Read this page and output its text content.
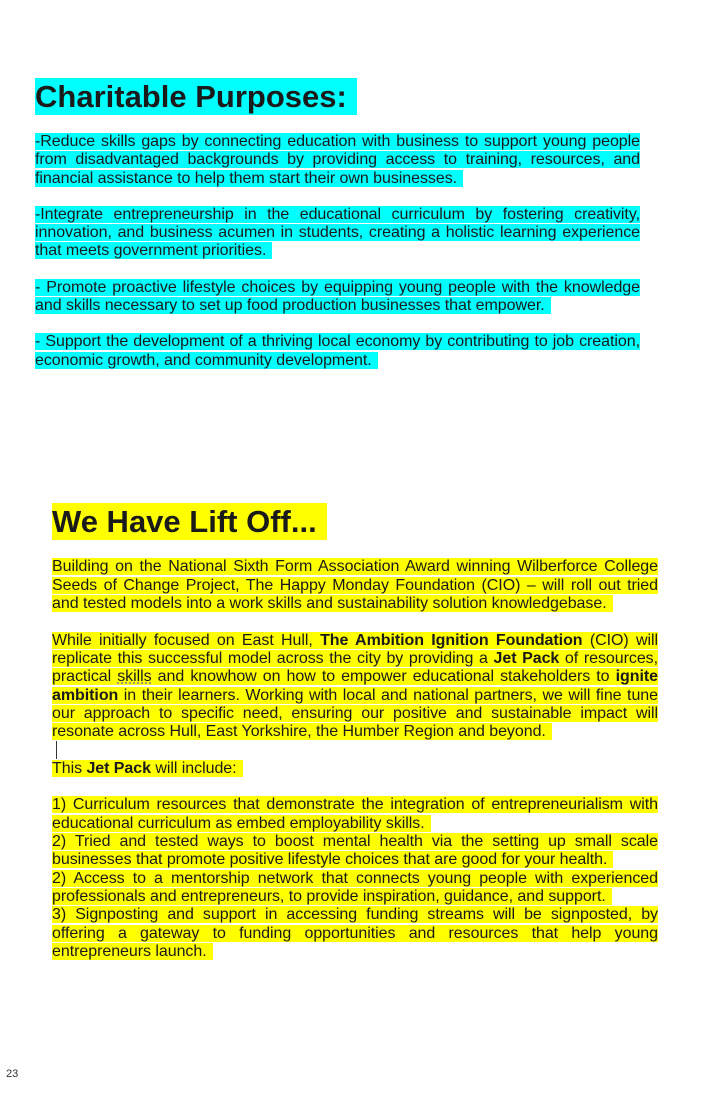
Charitable Purposes:

-Reduce skills gaps by connecting education with business to support young people from disadvantaged backgrounds by providing access to training, resources, and financial assistance to help them start their own businesses.

-Integrate entrepreneurship in the educational curriculum by fostering creativity, innovation, and business acumen in students, creating a holistic learning experience that meets government priorities.

- Promote proactive lifestyle choices by equipping young people with the knowledge and skills necessary to set up food production businesses that empower.

- Support the development of a thriving local economy by contributing to job creation, economic growth, and community development.

We Have Lift Off...

Building on the National Sixth Form Association Award winning Wilberforce College Seeds of Change Project, The Happy Monday Foundation (CIO) – will roll out tried and tested models into a work skills and sustainability solution knowledgebase.

While initially focused on East Hull, The Ambition Ignition Foundation (CIO) will replicate this successful model across the city by providing a Jet Pack of resources, practical skills and knowhow on how to empower educational stakeholders to ignite ambition in their learners. Working with local and national partners, we will fine tune our approach to specific need, ensuring our positive and sustainable impact will resonate across Hull, East Yorkshire, the Humber Region and beyond.

This Jet Pack will include:

1) Curriculum resources that demonstrate the integration of entrepreneurialism with educational curriculum as embed employability skills.

2) Tried and tested ways to boost mental health via the setting up small scale businesses that promote positive lifestyle choices that are good for your health.

2) Access to a mentorship network that connects young people with experienced professionals and entrepreneurs, to provide inspiration, guidance, and support.

3) Signposting and support in accessing funding streams will be signposted, by offering a gateway to funding opportunities and resources that help young entrepreneurs launch.

23
